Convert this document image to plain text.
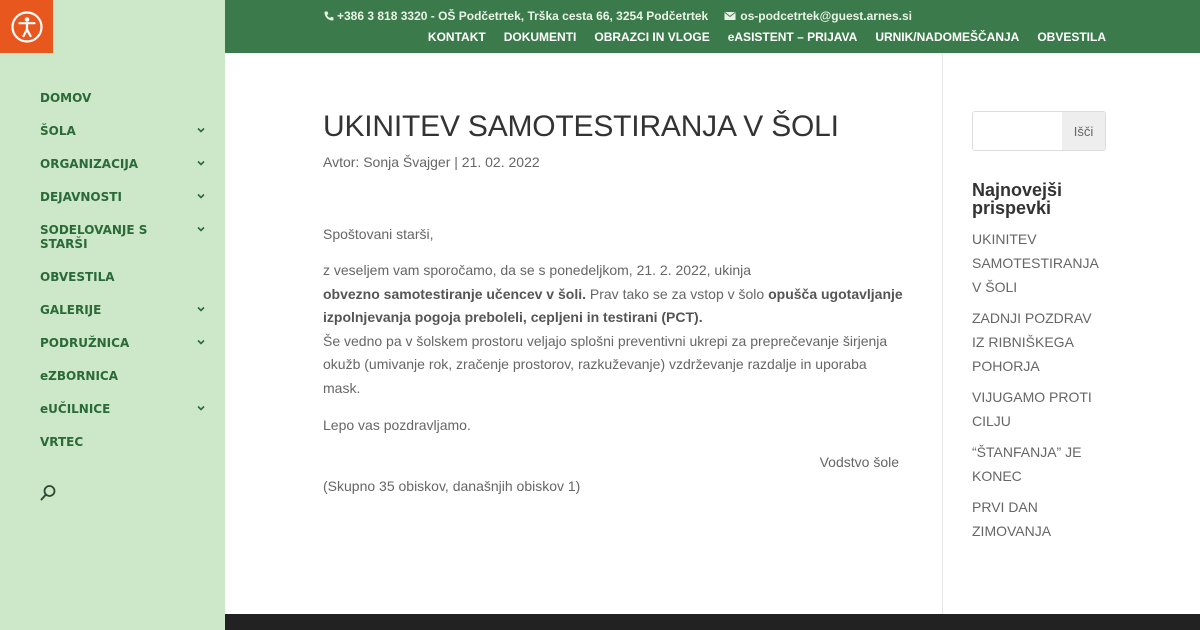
DOMOV
ŠOLA
ORGANIZACIJA
DEJAVNOSTI
SODELOVANJE S STARŠI
OBVESTILA
GALERIJE
PODRUŽNICA
eZBORNICA
eUČILNICE
VRTEC
+386 3 818 3320 - OŠ Podčetrtek, Trška cesta 66, 3254 Podčetrtek	os-podcetrtek@guest.arnes.si
KONTAKT DOKUMENTI OBRAZCI IN VLOGE eASISTENT – PRIJAVA URNIK/NADOMEŠČANJA OBVESTILA
UKINITEV SAMOTESTIRANJA V ŠOLI
Avtor: Sonja Švajger | 21. 02. 2022

Spoštovani starši,

z veseljem vam sporočamo, da se s ponedeljkom, 21. 2. 2022, ukinja
obvezno samotestiranje učencev v šoli. Prav tako se za vstop v šolo opušča ugotavljanje izpolnjevanja pogoja preboleli, cepljeni in testirani (PCT).
Še vedno pa v šolskem prostoru veljajo splošni preventivni ukrepi za preprečevanje širjenja okužb (umivanje rok, zračenje prostorov, razkuževanje) vzdrževanje razdalje in uporaba mask.

Lepo vas pozdravljamo.

Vodstvo šole

(Skupno 35 obiskov, današnjih obiskov 1)

Išči
Najnovejši prispevki
UKINITEV SAMOTESTIRANJA V ŠOLI
ZADNJI POZDRAV IZ RIBNIŠKEGA POHORJA
VIJUGAMO PROTI CILJU
“ŠTANFANJA” JE KONEC
PRVI DAN ZIMOVANJA
